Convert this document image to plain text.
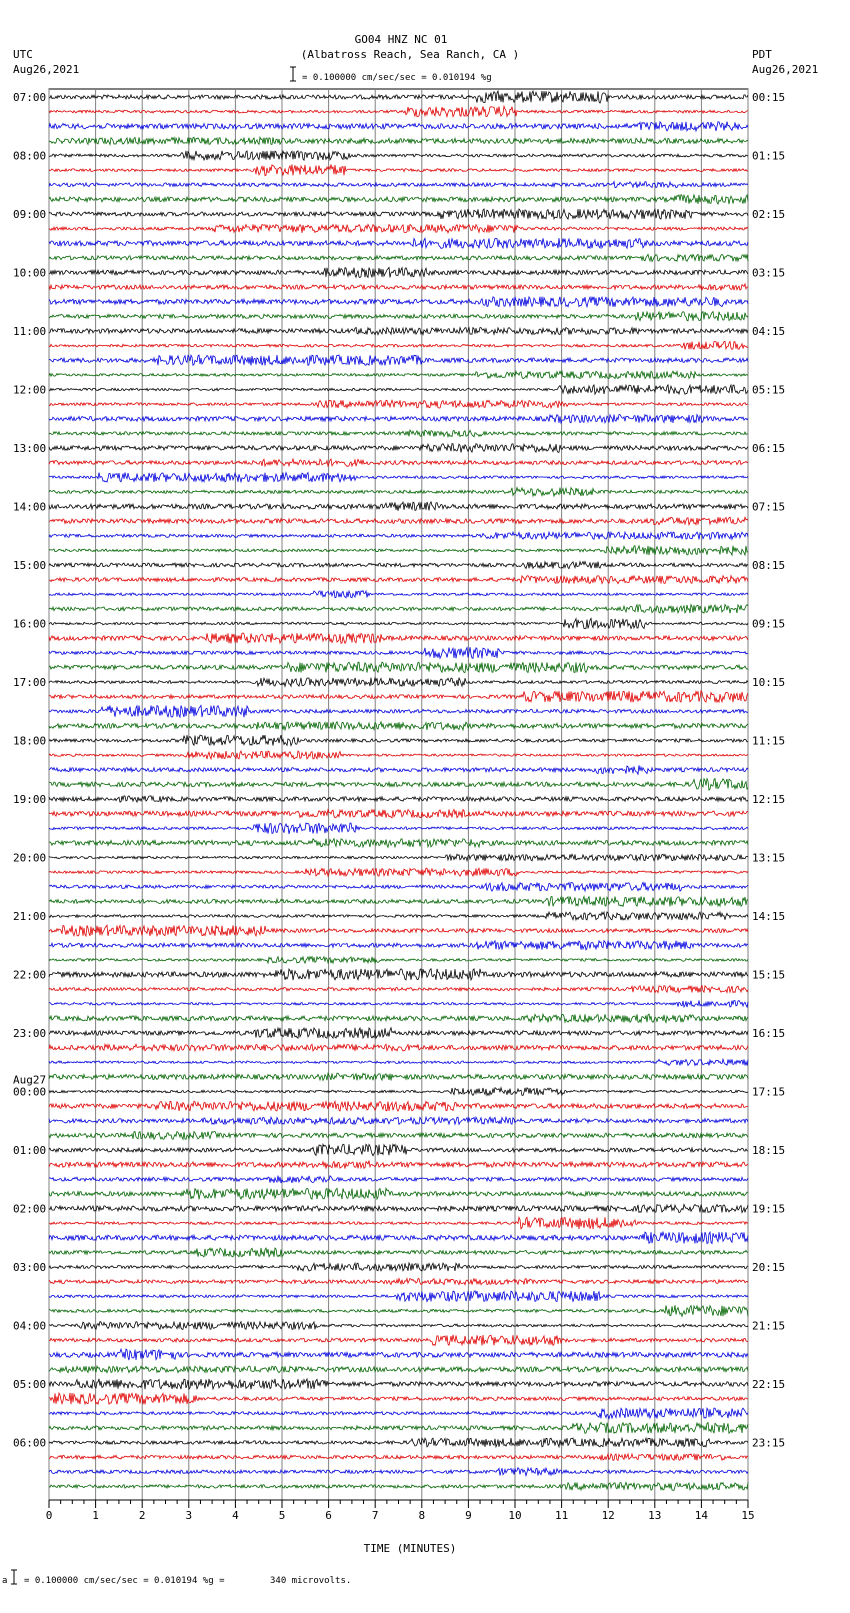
GO04 HNZ NC 01
(Albatross Reach, Sea Ranch, CA )
UTC
Aug26,2021
PDT
Aug26,2021
= 0.100000 cm/sec/sec = 0.010194 %g
07:00
08:00
09:00
10:00
11:00
12:00
13:00
14:00
15:00
16:00
17:00
18:00
19:00
20:00
21:00
22:00
23:00
00:00
Aug27
01:00
02:00
03:00
04:00
05:00
06:00
00:15
01:15
02:15
03:15
04:15
05:15
06:15
07:15
08:15
09:15
10:15
11:15
12:15
13:15
14:15
15:15
16:15
17:15
18:15
19:15
20:15
21:15
22:15
23:15
0	1	2	3	4	5	6	7	8	9	10	11	12	13	14	15
TIME (MINUTES)
a = 0.100000 cm/sec/sec = 0.010194 %g =	340 microvolts.
